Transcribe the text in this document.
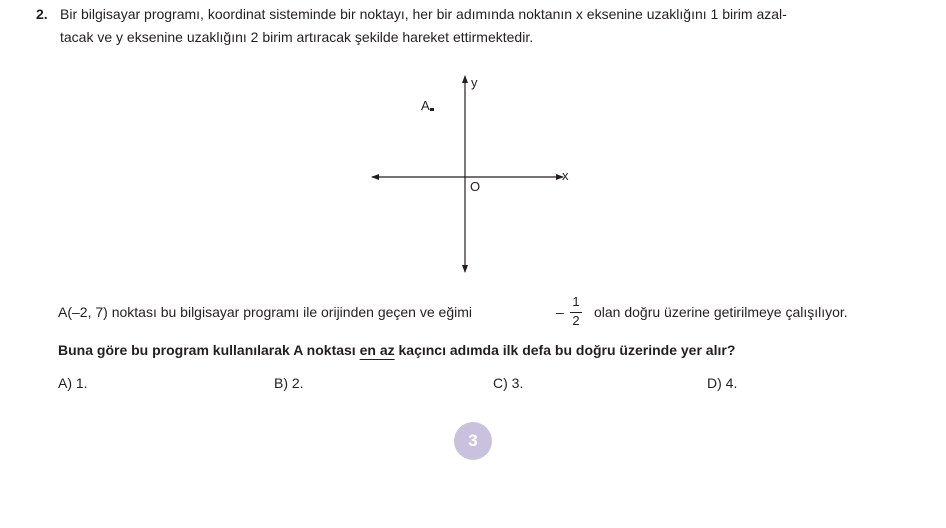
2. Bir bilgisayar programı, koordinat sisteminde bir noktayı, her bir adımında noktanın x eksenine uzaklığını 1 birim azal-
tacak ve y eksenine uzaklığını 2 birim artıracak şekilde hareket ettirmektedir.
y
x
O
A
A(–2, 7) noktası bu bilgisayar programı ile orijinden geçen ve eğimi	–
1
2
olan doğru üzerine getirilmeye çalışılıyor.
Buna göre bu program kullanılarak A noktası en az kaçıncı adımda ilk defa bu doğru üzerinde yer alır?
A) 1.	B) 2.	C) 3.	D) 4.
3
